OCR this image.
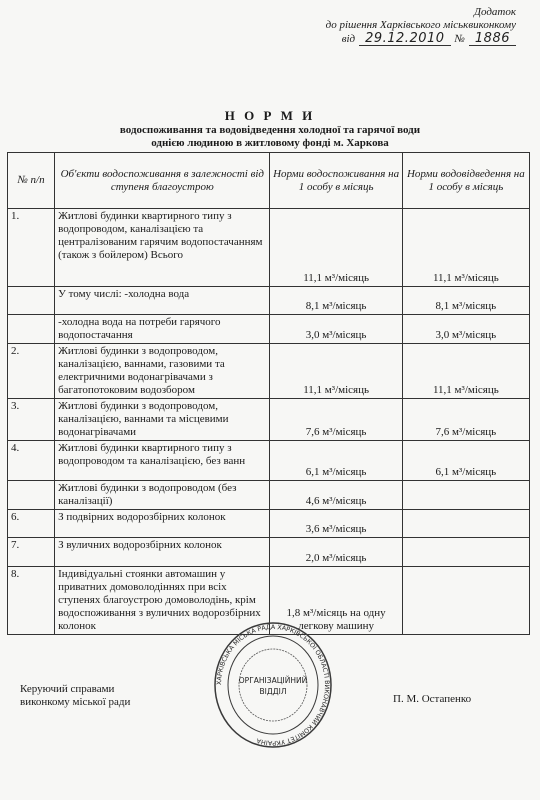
Додаток
до рішення Харківського міськвиконкому
від 29.12.2010 № 1886
Н О Р М И
водоспоживання та водовідведення холодної та гарячої води
однією людиною в житловому фонді м. Харкова
№ п/п	Об'єкти водоспоживання в залежності від ступеня благоустрою	Норми водоспоживання на 1 особу в місяць	Норми водовідведення на 1 особу в місяць
1.	Житлові будинки квартирного типу з водопроводом, каналізацією та централізованим гарячим водопостачанням (також з бойлером) Всього	11,1 м³/місяць	11,1 м³/місяць
	У тому числі: -холодна вода	8,1 м³/місяць	8,1 м³/місяць
	-холодна вода на потреби гарячого водопостачання	3,0 м³/місяць	3,0 м³/місяць
2.	Житлові будинки з водопроводом, каналізацією, ваннами, газовими та електричними водонагрівачами з багатопотоковим водозбором	11,1 м³/місяць	11,1 м³/місяць
3.	Житлові будинки з водопроводом, каналізацією, ваннами та місцевими водонагрівачами	7,6 м³/місяць	7,6 м³/місяць
4.	Житлові будинки квартирного типу з водопроводом та каналізацією, без ванн	6,1 м³/місяць	6,1 м³/місяць
	Житлові будинки з водопроводом (без каналізації)	4,6 м³/місяць	
6.	З подвірних водорозбірних колонок	3,6 м³/місяць	
7.	З вуличних водорозбірних колонок	2,0 м³/місяць	
8.	Індивідуальні стоянки автомашин у приватних домоволодіннях при всіх ступенях благоустрою домоволодінь, крім водоспоживання з вуличних водорозбірних колонок	1,8 м³/місяць на одну легкову машину	
Керуючий справами
виконкому міської ради	П. М. Остапенко
ХАРКІВСЬКА МІСЬКА РАДА ХАРКІВСЬКОЇ ОБЛАСТІ ВИКОНАВЧИЙ КОМІТЕТ УКРАЇНА
ОРГАНІЗАЦІЙНИЙ
ВІДДІЛ
